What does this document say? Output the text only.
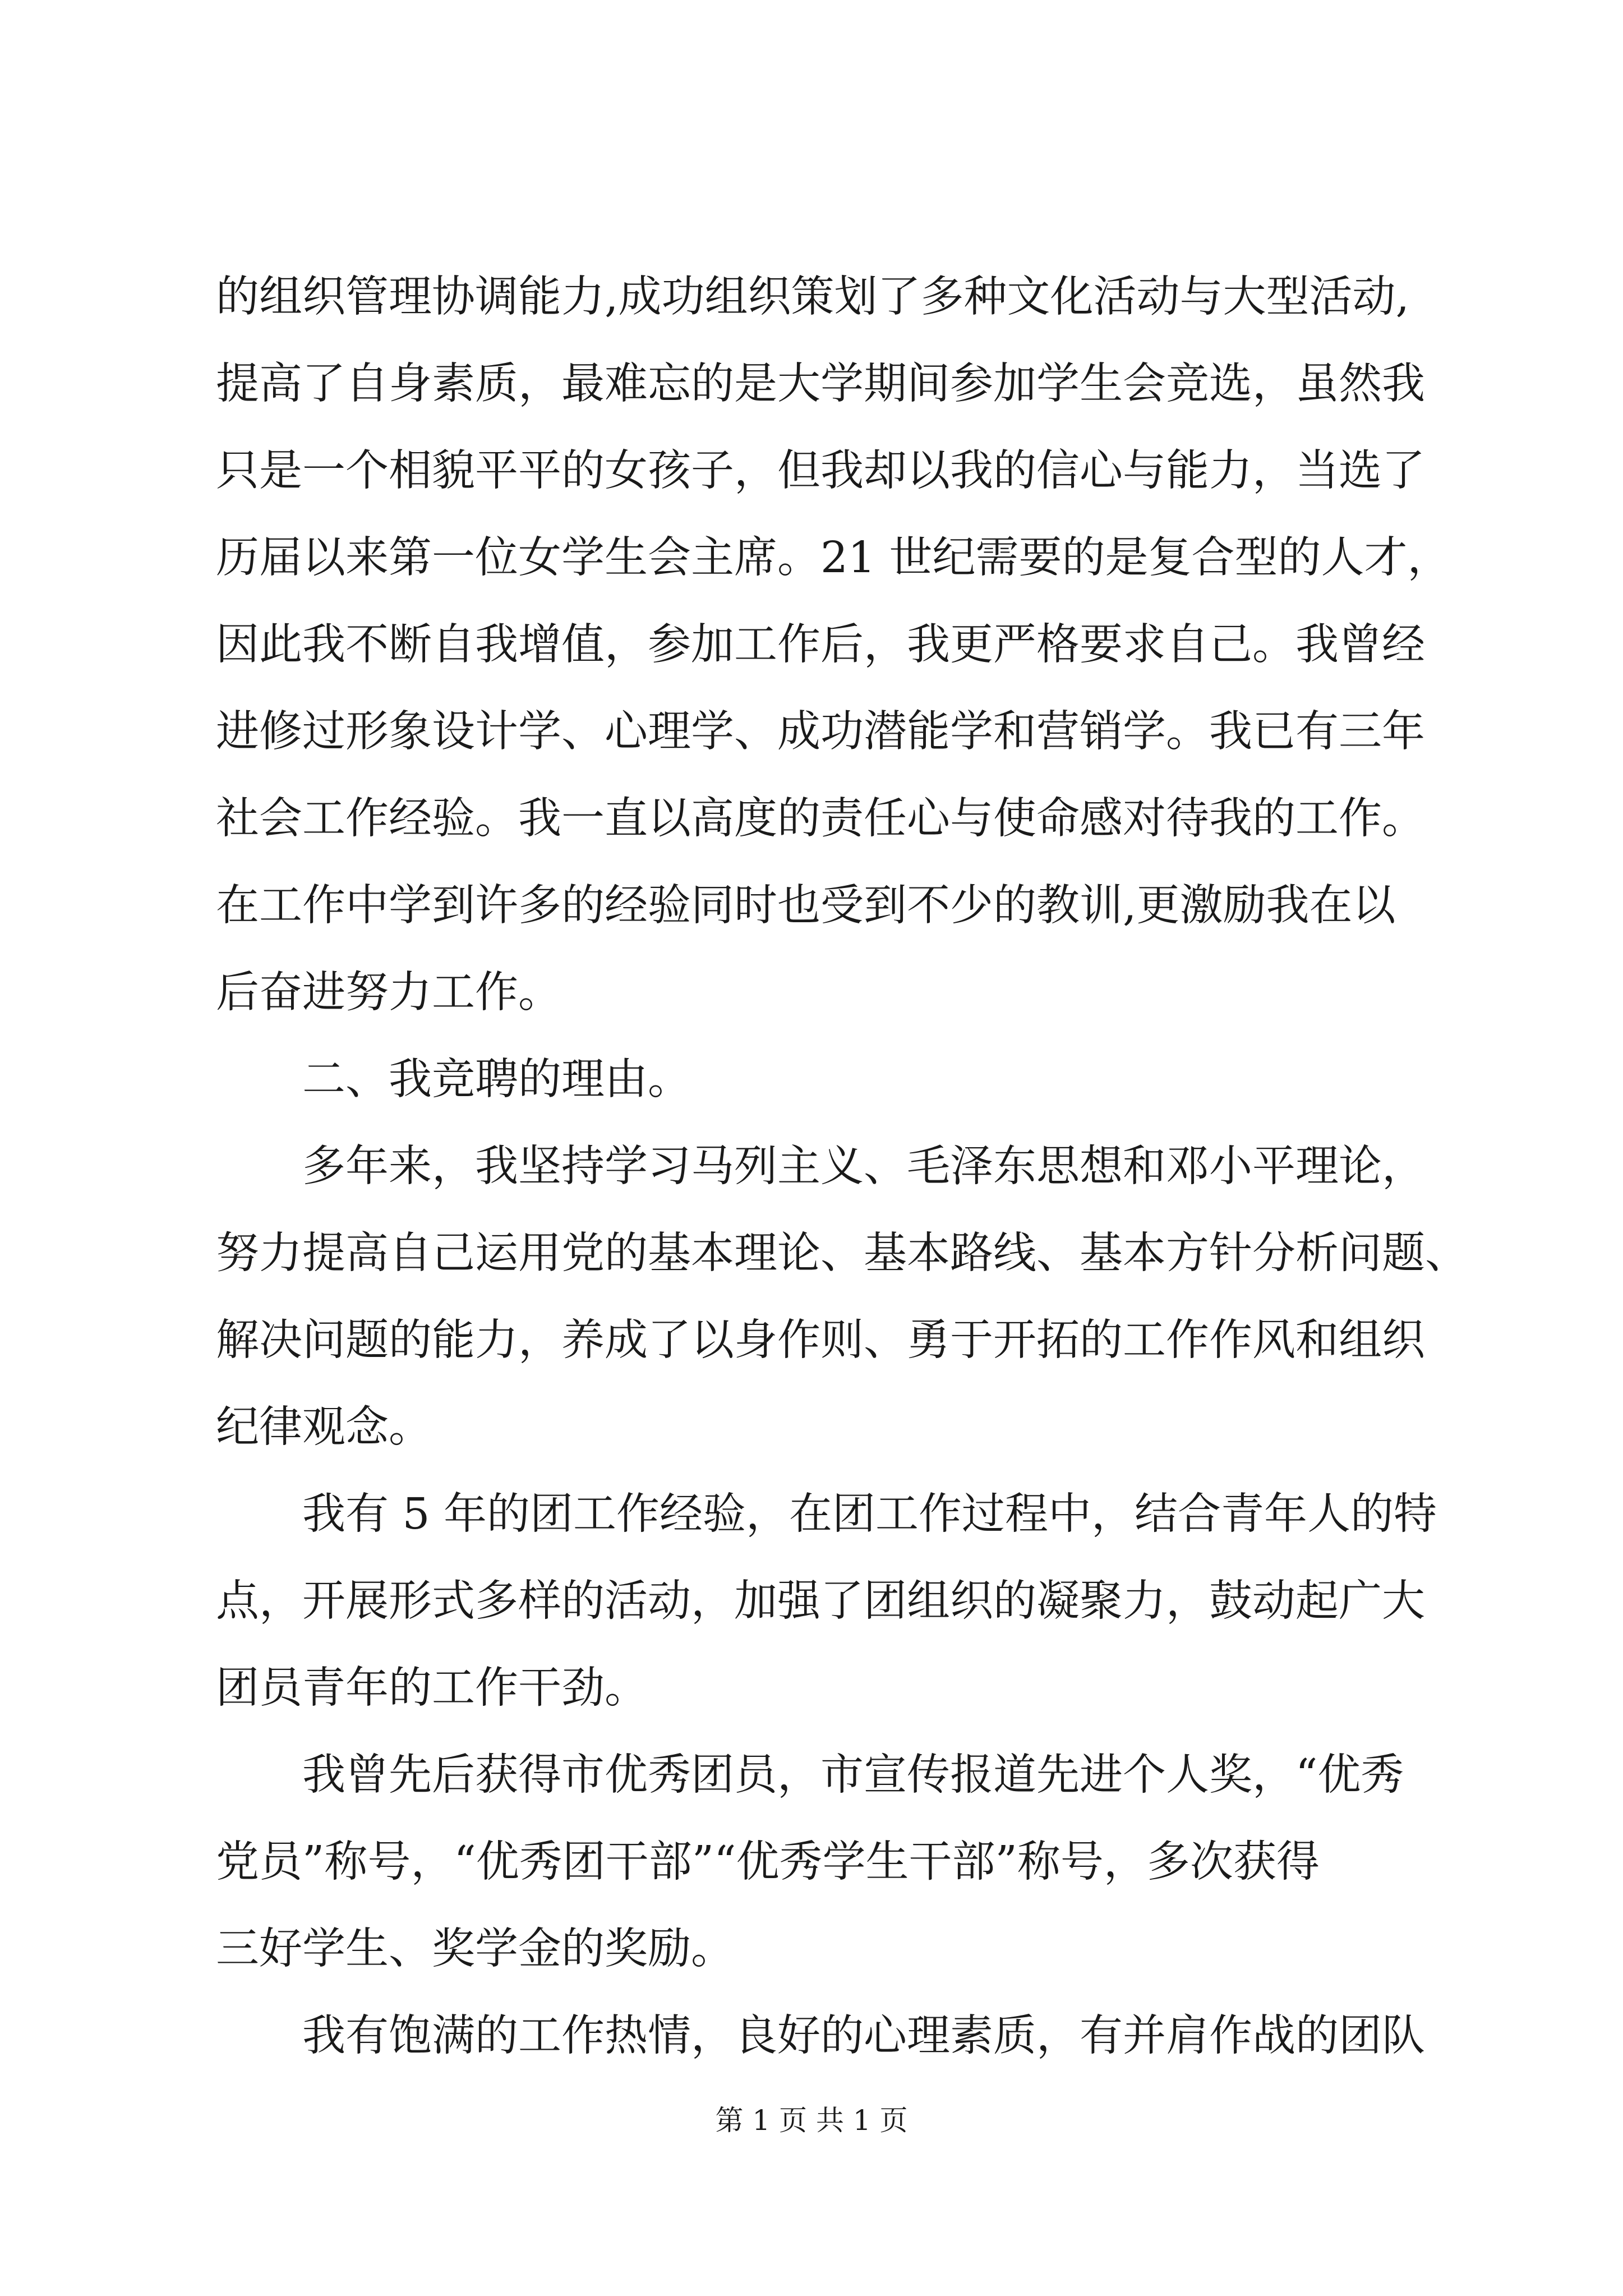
的组织管理协调能力,成功组织策划了多种文化活动与大型活动,
提高了自身素质，最难忘的是大学期间参加学生会竞选，虽然我
只是一个相貌平平的女孩子，但我却以我的信心与能力，当选了
历届以来第一位女学生会主席。21 世纪需要的是复合型的人才，
因此我不断自我增值，参加工作后，我更严格要求自己。我曾经
进修过形象设计学、心理学、成功潜能学和营销学。我已有三年
社会工作经验。我一直以高度的责任心与使命感对待我的工作。
在工作中学到许多的经验同时也受到不少的教训,更激励我在以
后奋进努力工作。
二、我竞聘的理由。
多年来，我坚持学习马列主义、毛泽东思想和邓小平理论，
努力提高自己运用党的基本理论、基本路线、基本方针分析问题、
解决问题的能力，养成了以身作则、勇于开拓的工作作风和组织
纪律观念。
我有 5 年的团工作经验，在团工作过程中，结合青年人的特
点，开展形式多样的活动，加强了团组织的凝聚力，鼓动起广大
团员青年的工作干劲。
我曾先后获得市优秀团员，市宣传报道先进个人奖，“优秀
党员”称号，“优秀团干部”“优秀学生干部”称号，多次获得
三好学生、奖学金的奖励。
我有饱满的工作热情，良好的心理素质，有并肩作战的团队
第 1 页 共 1 页
